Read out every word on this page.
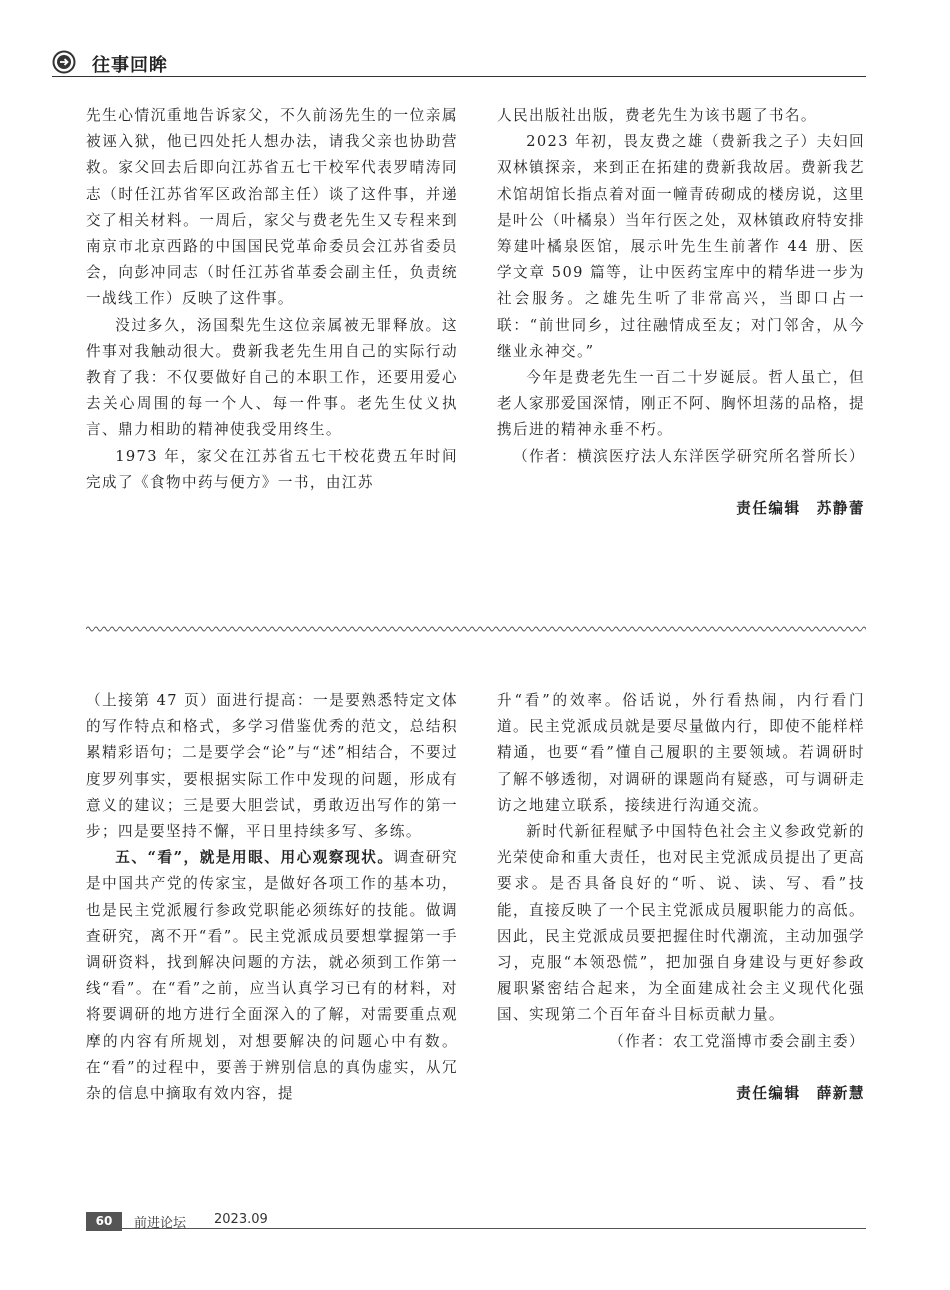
往事回眸

先生心情沉重地告诉家父，不久前汤先生的一位亲属被诬入狱，他已四处托人想办法，请我父亲也协助营救。家父回去后即向江苏省五七干校军代表罗晴涛同志（时任江苏省军区政治部主任）谈了这件事，并递交了相关材料。一周后，家父与费老先生又专程来到南京市北京西路的中国国民党革命委员会江苏省委员会，向彭冲同志（时任江苏省革委会副主任，负责统一战线工作）反映了这件事。

没过多久，汤国梨先生这位亲属被无罪释放。这件事对我触动很大。费新我老先生用自己的实际行动教育了我：不仅要做好自己的本职工作，还要用爱心去关心周围的每一个人、每一件事。老先生仗义执言、鼎力相助的精神使我受用终生。

1973 年，家父在江苏省五七干校花费五年时间完成了《食物中药与便方》一书，由江苏

人民出版社出版，费老先生为该书题了书名。

2023 年初，畏友费之雄（费新我之子）夫妇回双林镇探亲，来到正在拓建的费新我故居。费新我艺术馆胡馆长指点着对面一幢青砖砌成的楼房说，这里是叶公（叶橘泉）当年行医之处，双林镇政府特安排筹建叶橘泉医馆，展示叶先生生前著作 44 册、医学文章 509 篇等，让中医药宝库中的精华进一步为社会服务。之雄先生听了非常高兴，当即口占一联：“前世同乡，过往融情成至友；对门邻舍，从今继业永神交。”

今年是费老先生一百二十岁诞辰。哲人虽亡，但老人家那爱国深情，刚正不阿、胸怀坦荡的品格，提携后进的精神永垂不朽。

（作者：横滨医疗法人东洋医学研究所名誉所长）

责任编辑　苏静蕾

（上接第 47 页）面进行提高：一是要熟悉特定文体的写作特点和格式，多学习借鉴优秀的范文，总结积累精彩语句；二是要学会“论”与“述”相结合，不要过度罗列事实，要根据实际工作中发现的问题，形成有意义的建议；三是要大胆尝试，勇敢迈出写作的第一步；四是要坚持不懈，平日里持续多写、多练。

五、“看”，就是用眼、用心观察现状。调查研究是中国共产党的传家宝，是做好各项工作的基本功，也是民主党派履行参政党职能必须练好的技能。做调查研究，离不开“看”。民主党派成员要想掌握第一手调研资料，找到解决问题的方法，就必须到工作第一线“看”。在“看”之前，应当认真学习已有的材料，对将要调研的地方进行全面深入的了解，对需要重点观摩的内容有所规划，对想要解决的问题心中有数。在“看”的过程中，要善于辨别信息的真伪虚实，从冗杂的信息中摘取有效内容，提

升“看”的效率。俗话说，外行看热闹，内行看门道。民主党派成员就是要尽量做内行，即使不能样样精通，也要“看”懂自己履职的主要领域。若调研时了解不够透彻，对调研的课题尚有疑惑，可与调研走访之地建立联系，接续进行沟通交流。

新时代新征程赋予中国特色社会主义参政党新的光荣使命和重大责任，也对民主党派成员提出了更高要求。是否具备良好的“听、说、读、写、看”技能，直接反映了一个民主党派成员履职能力的高低。因此，民主党派成员要把握住时代潮流，主动加强学习，克服“本领恐慌”，把加强自身建设与更好参政履职紧密结合起来，为全面建成社会主义现代化强国、实现第二个百年奋斗目标贡献力量。

（作者：农工党淄博市委会副主委）

责任编辑　薛新慧

60	前进论坛 2023.09
